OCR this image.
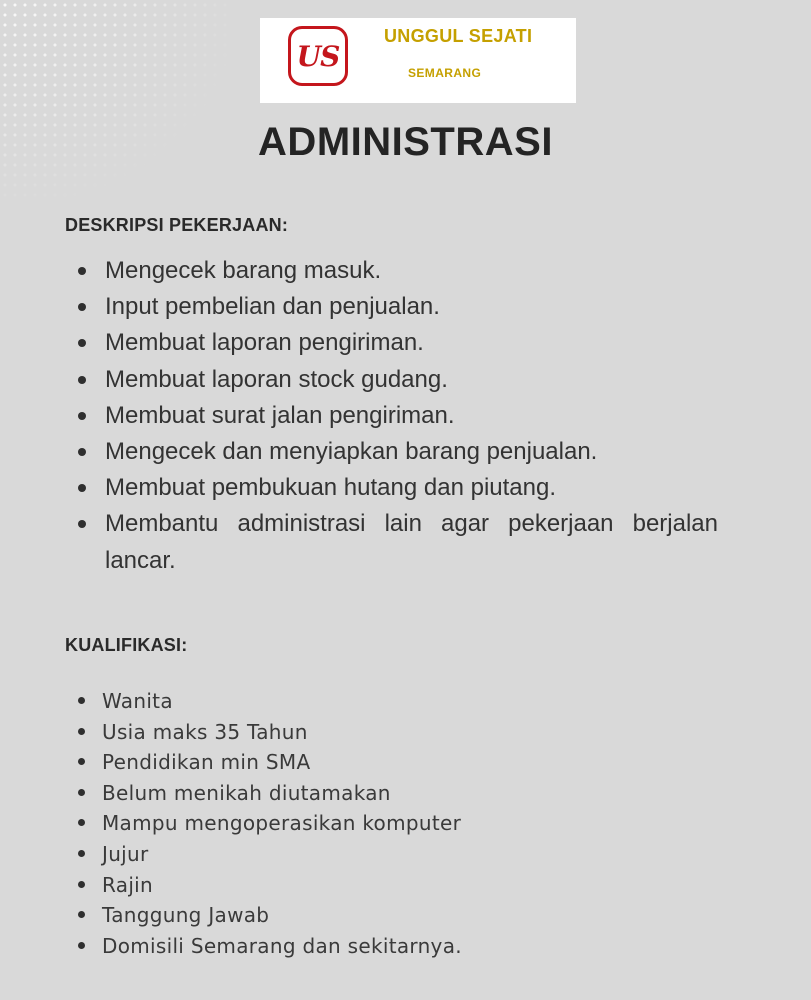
US
UNGGUL SEJATI
SEMARANG
ADMINISTRASI
DESKRIPSI PEKERJAAN:
Mengecek barang masuk.
Input pembelian dan penjualan.
Membuat laporan pengiriman.
Membuat laporan stock gudang.
Membuat surat jalan pengiriman.
Mengecek dan menyiapkan barang penjualan.
Membuat pembukuan hutang dan piutang.
Membantu administrasi lain agar pekerjaan berjalan lancar.
KUALIFIKASI:
Wanita
Usia maks 35 Tahun
Pendidikan min SMA
Belum menikah diutamakan
Mampu mengoperasikan komputer
Jujur
Rajin
Tanggung Jawab
Domisili Semarang dan sekitarnya.
